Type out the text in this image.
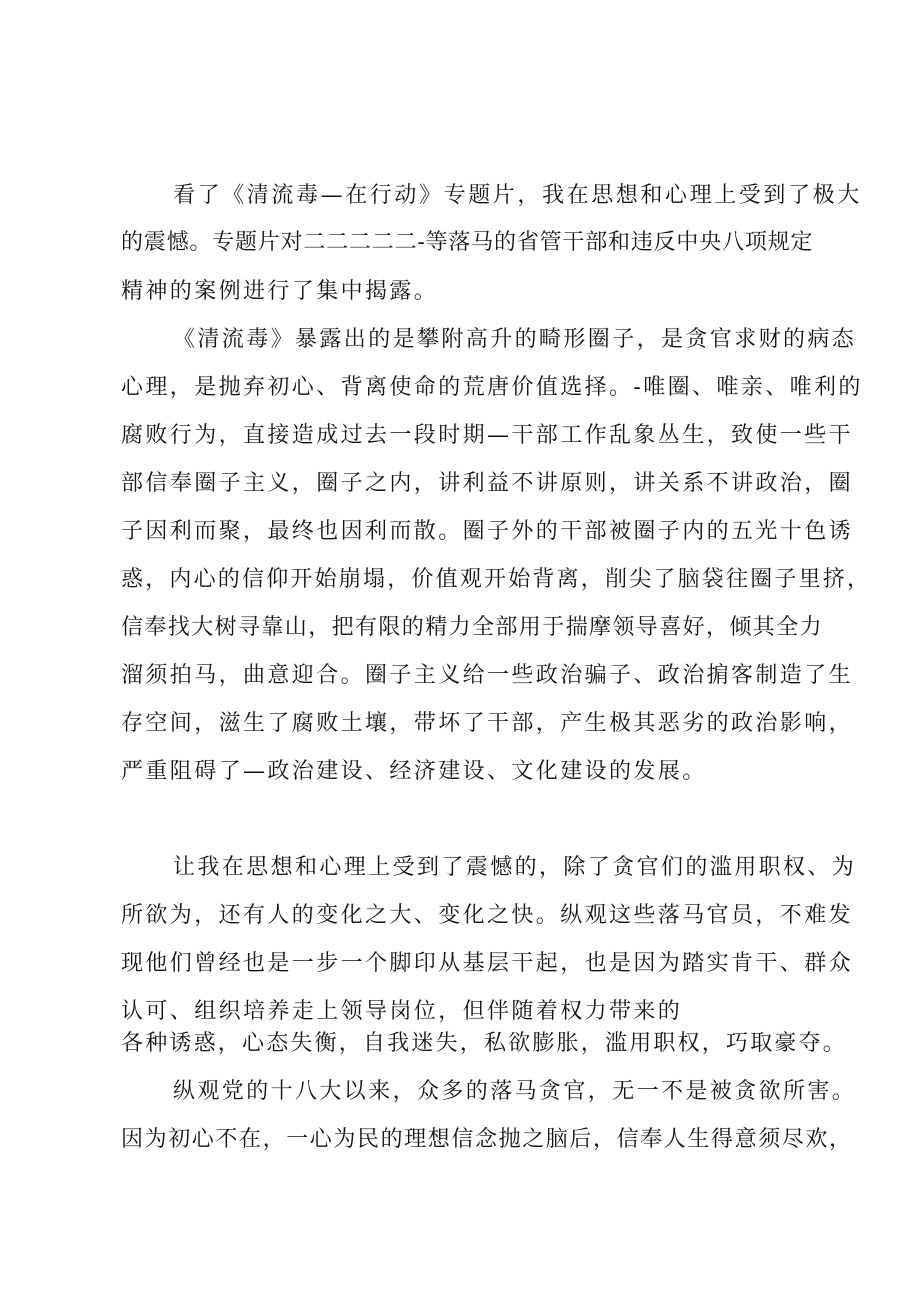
看了《清流毒—在行动》专题片，我在思想和心理上受到了极大

的震憾。专题片对二二二二二-等落马的省管干部和违反中央八项规定

精神的案例进行了集中揭露。

《清流毒》暴露出的是攀附高升的畸形圈子，是贪官求财的病态

心理，是抛弃初心、背离使命的荒唐价值选择。-唯圈、唯亲、唯利的

腐败行为，直接造成过去一段时期—干部工作乱象丛生，致使一些干

部信奉圈子主义，圈子之内，讲利益不讲原则，讲关系不讲政治，圈

子因利而聚，最终也因利而散。圈子外的干部被圈子内的五光十色诱

惑，内心的信仰开始崩塌，价值观开始背离，削尖了脑袋往圈子里挤，

信奉找大树寻靠山，把有限的精力全部用于揣摩领导喜好，倾其全力

溜须拍马，曲意迎合。圈子主义给一些政治骗子、政治掮客制造了生

存空间，滋生了腐败土壤，带坏了干部，产生极其恶劣的政治影响，

严重阻碍了—政治建设、经济建设、文化建设的发展。

让我在思想和心理上受到了震憾的，除了贪官们的滥用职权、为

所欲为，还有人的变化之大、变化之快。纵观这些落马官员，不难发

现他们曾经也是一步一个脚印从基层干起，也是因为踏实肯干、群众

认可、组织培养走上领导岗位，但伴随着权力带来的

各种诱惑，心态失衡，自我迷失，私欲膨胀，滥用职权，巧取豪夺。

纵观党的十八大以来，众多的落马贪官，无一不是被贪欲所害。

因为初心不在，一心为民的理想信念抛之脑后，信奉人生得意须尽欢，
